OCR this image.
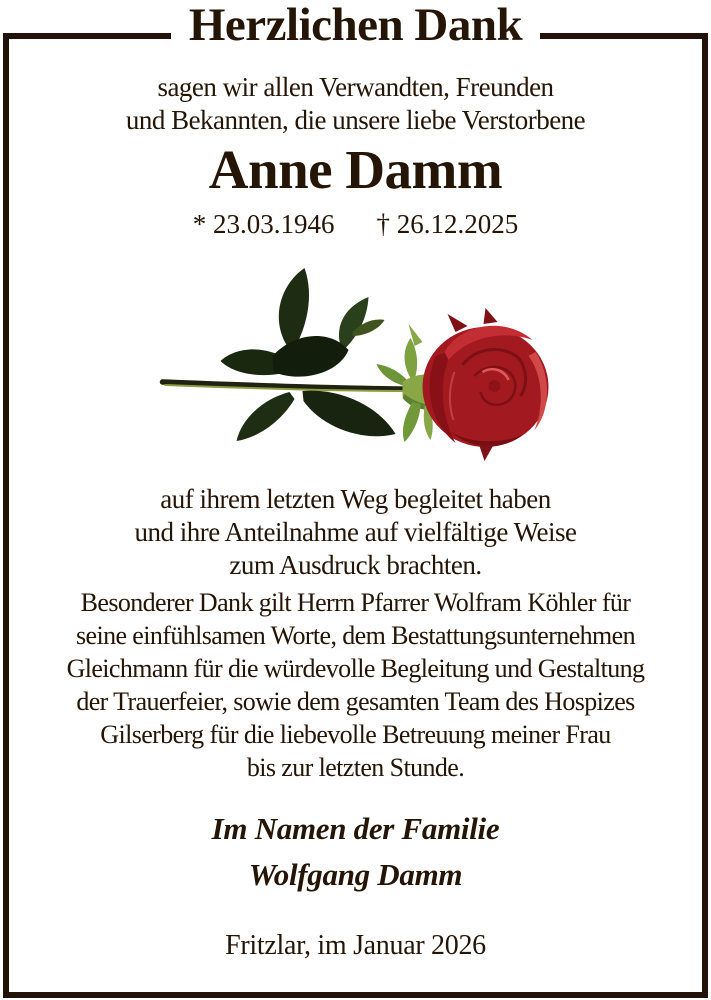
Herzlichen Dank
sagen wir allen Verwandten, Freunden
und Bekannten, die unsere liebe Verstorbene
Anne Damm
* 23.03.1946 † 26.12.2025
auf ihrem letzten Weg begleitet haben
und ihre Anteilnahme auf vielfältige Weise
zum Ausdruck brachten.
Besonderer Dank gilt Herrn Pfarrer Wolfram Köhler für
seine einfühlsamen Worte, dem Bestattungsunternehmen
Gleichmann für die würdevolle Begleitung und Gestaltung
der Trauerfeier, sowie dem gesamten Team des Hospizes
Gilserberg für die liebevolle Betreuung meiner Frau
bis zur letzten Stunde.
Im Namen der Familie
Wolfgang Damm
Fritzlar, im Januar 2026
